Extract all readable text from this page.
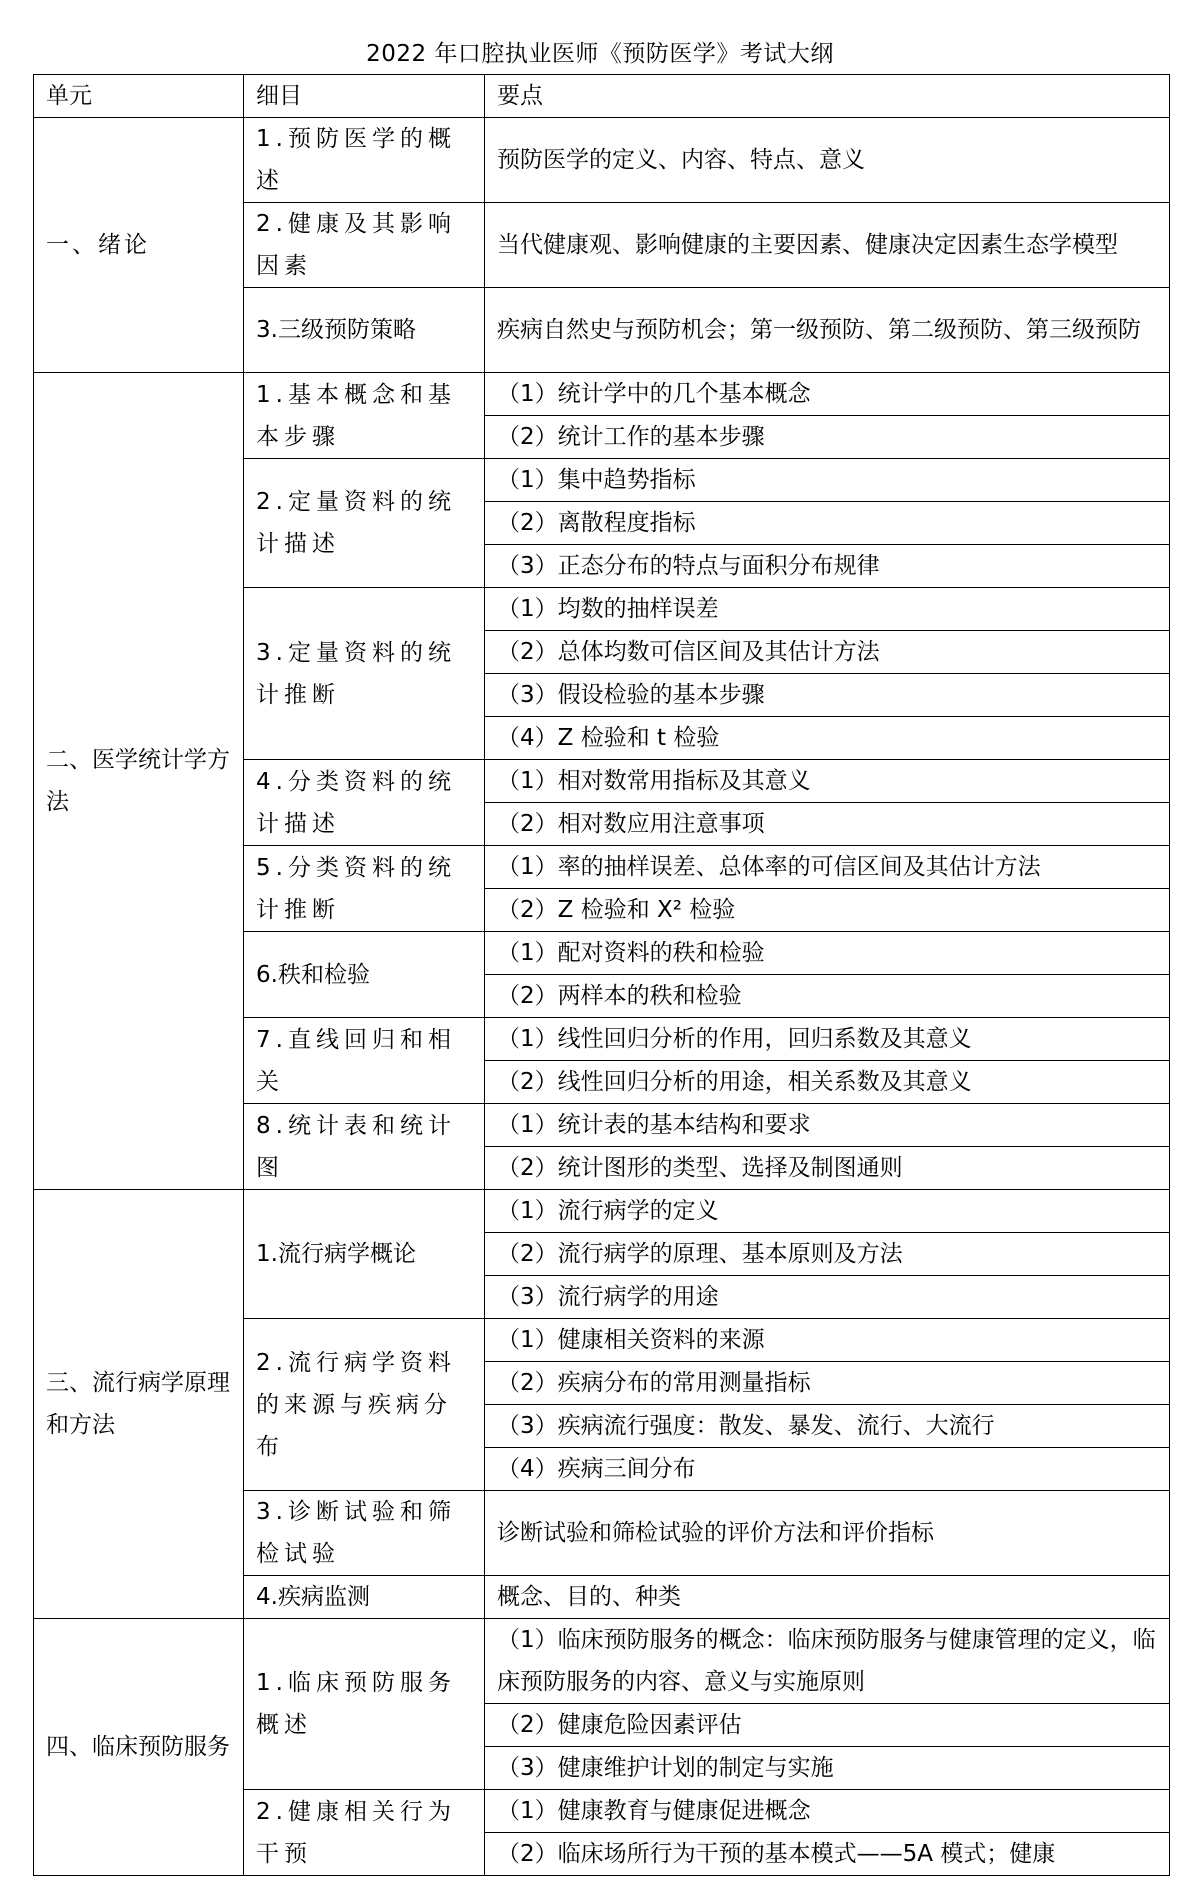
2022 年口腔执业医师《预防医学》考试大纲
单元	细目	要点
一、绪论	1.预防医学的概述	预防医学的定义、内容、特点、意义
	2.健康及其影响因素	当代健康观、影响健康的主要因素、健康决定因素生态学模型
	3.三级预防策略	疾病自然史与预防机会；第一级预防、第二级预防、第三级预防
二、医学统计学方法	1.基本概念和基本步骤	（1）统计学中的几个基本概念
		（2）统计工作的基本步骤
	2.定量资料的统计描述	（1）集中趋势指标
		（2）离散程度指标
		（3）正态分布的特点与面积分布规律
	3.定量资料的统计推断	（1）均数的抽样误差
		（2）总体均数可信区间及其估计方法
		（3）假设检验的基本步骤
		（4）Z 检验和 t 检验
	4.分类资料的统计描述	（1）相对数常用指标及其意义
		（2）相对数应用注意事项
	5.分类资料的统计推断	（1）率的抽样误差、总体率的可信区间及其估计方法
		（2）Z 检验和 X² 检验
	6.秩和检验	（1）配对资料的秩和检验
		（2）两样本的秩和检验
	7.直线回归和相关	（1）线性回归分析的作用，回归系数及其意义
		（2）线性回归分析的用途，相关系数及其意义
	8.统计表和统计图	（1）统计表的基本结构和要求
		（2）统计图形的类型、选择及制图通则
三、流行病学原理和方法	1.流行病学概论	（1）流行病学的定义
		（2）流行病学的原理、基本原则及方法
		（3）流行病学的用途
	2.流行病学资料的来源与疾病分布	（1）健康相关资料的来源
		（2）疾病分布的常用测量指标
		（3）疾病流行强度：散发、暴发、流行、大流行
		（4）疾病三间分布
	3.诊断试验和筛检试验	诊断试验和筛检试验的评价方法和评价指标
	4.疾病监测	概念、目的、种类
四、临床预防服务	1.临床预防服务概述	（1）临床预防服务的概念：临床预防服务与健康管理的定义，临床预防服务的内容、意义与实施原则
		（2）健康危险因素评估
		（3）健康维护计划的制定与实施
	2.健康相关行为干预	（1）健康教育与健康促进概念
		（2）临床场所行为干预的基本模式——5A 模式；健康
